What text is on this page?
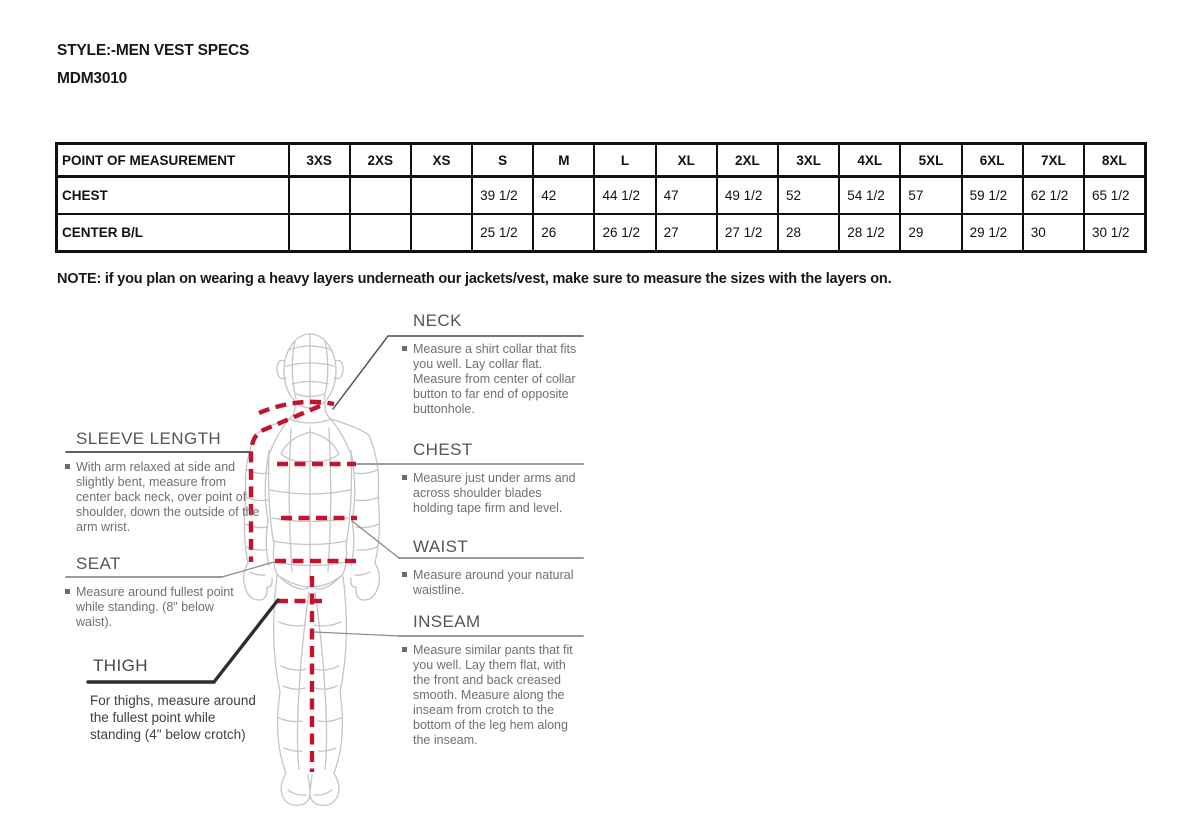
STYLE:-MEN VEST SPECS
MDM3010
POINT OF MEASUREMENT	3XS	2XS	XS	S	M	L	XL	2XL	3XL	4XL	5XL	6XL	7XL	8XL
CHEST				39 1/2	42	44 1/2	47	49 1/2	52	54 1/2	57	59 1/2	62 1/2	65 1/2
CENTER B/L				25 1/2	26	26 1/2	27	27 1/2	28	28 1/2	29	29 1/2	30	30 1/2
NOTE: if you plan on wearing a heavy layers underneath our jackets/vest, make sure to measure the sizes with the layers on.
NECK

Measure a shirt collar that fits you well. Lay collar flat. Measure from center of collar button to far end of opposite buttonhole.

SLEEVE LENGTH

With arm relaxed at side and slightly bent, measure from center back neck, over point of shoulder, down the outside of the arm wrist.

CHEST

Measure just under arms and across shoulder blades holding tape firm and level.

WAIST

Measure around your natural waistline.

SEAT

Measure around fullest point while standing. (8" below waist).	INSEAM

Measure similar pants that fit you well. Lay them flat, with the front and back creased smooth. Measure along the inseam from crotch to the bottom of the leg hem along the inseam.

THIGH

For thighs, measure around the fullest point while standing (4" below crotch)
